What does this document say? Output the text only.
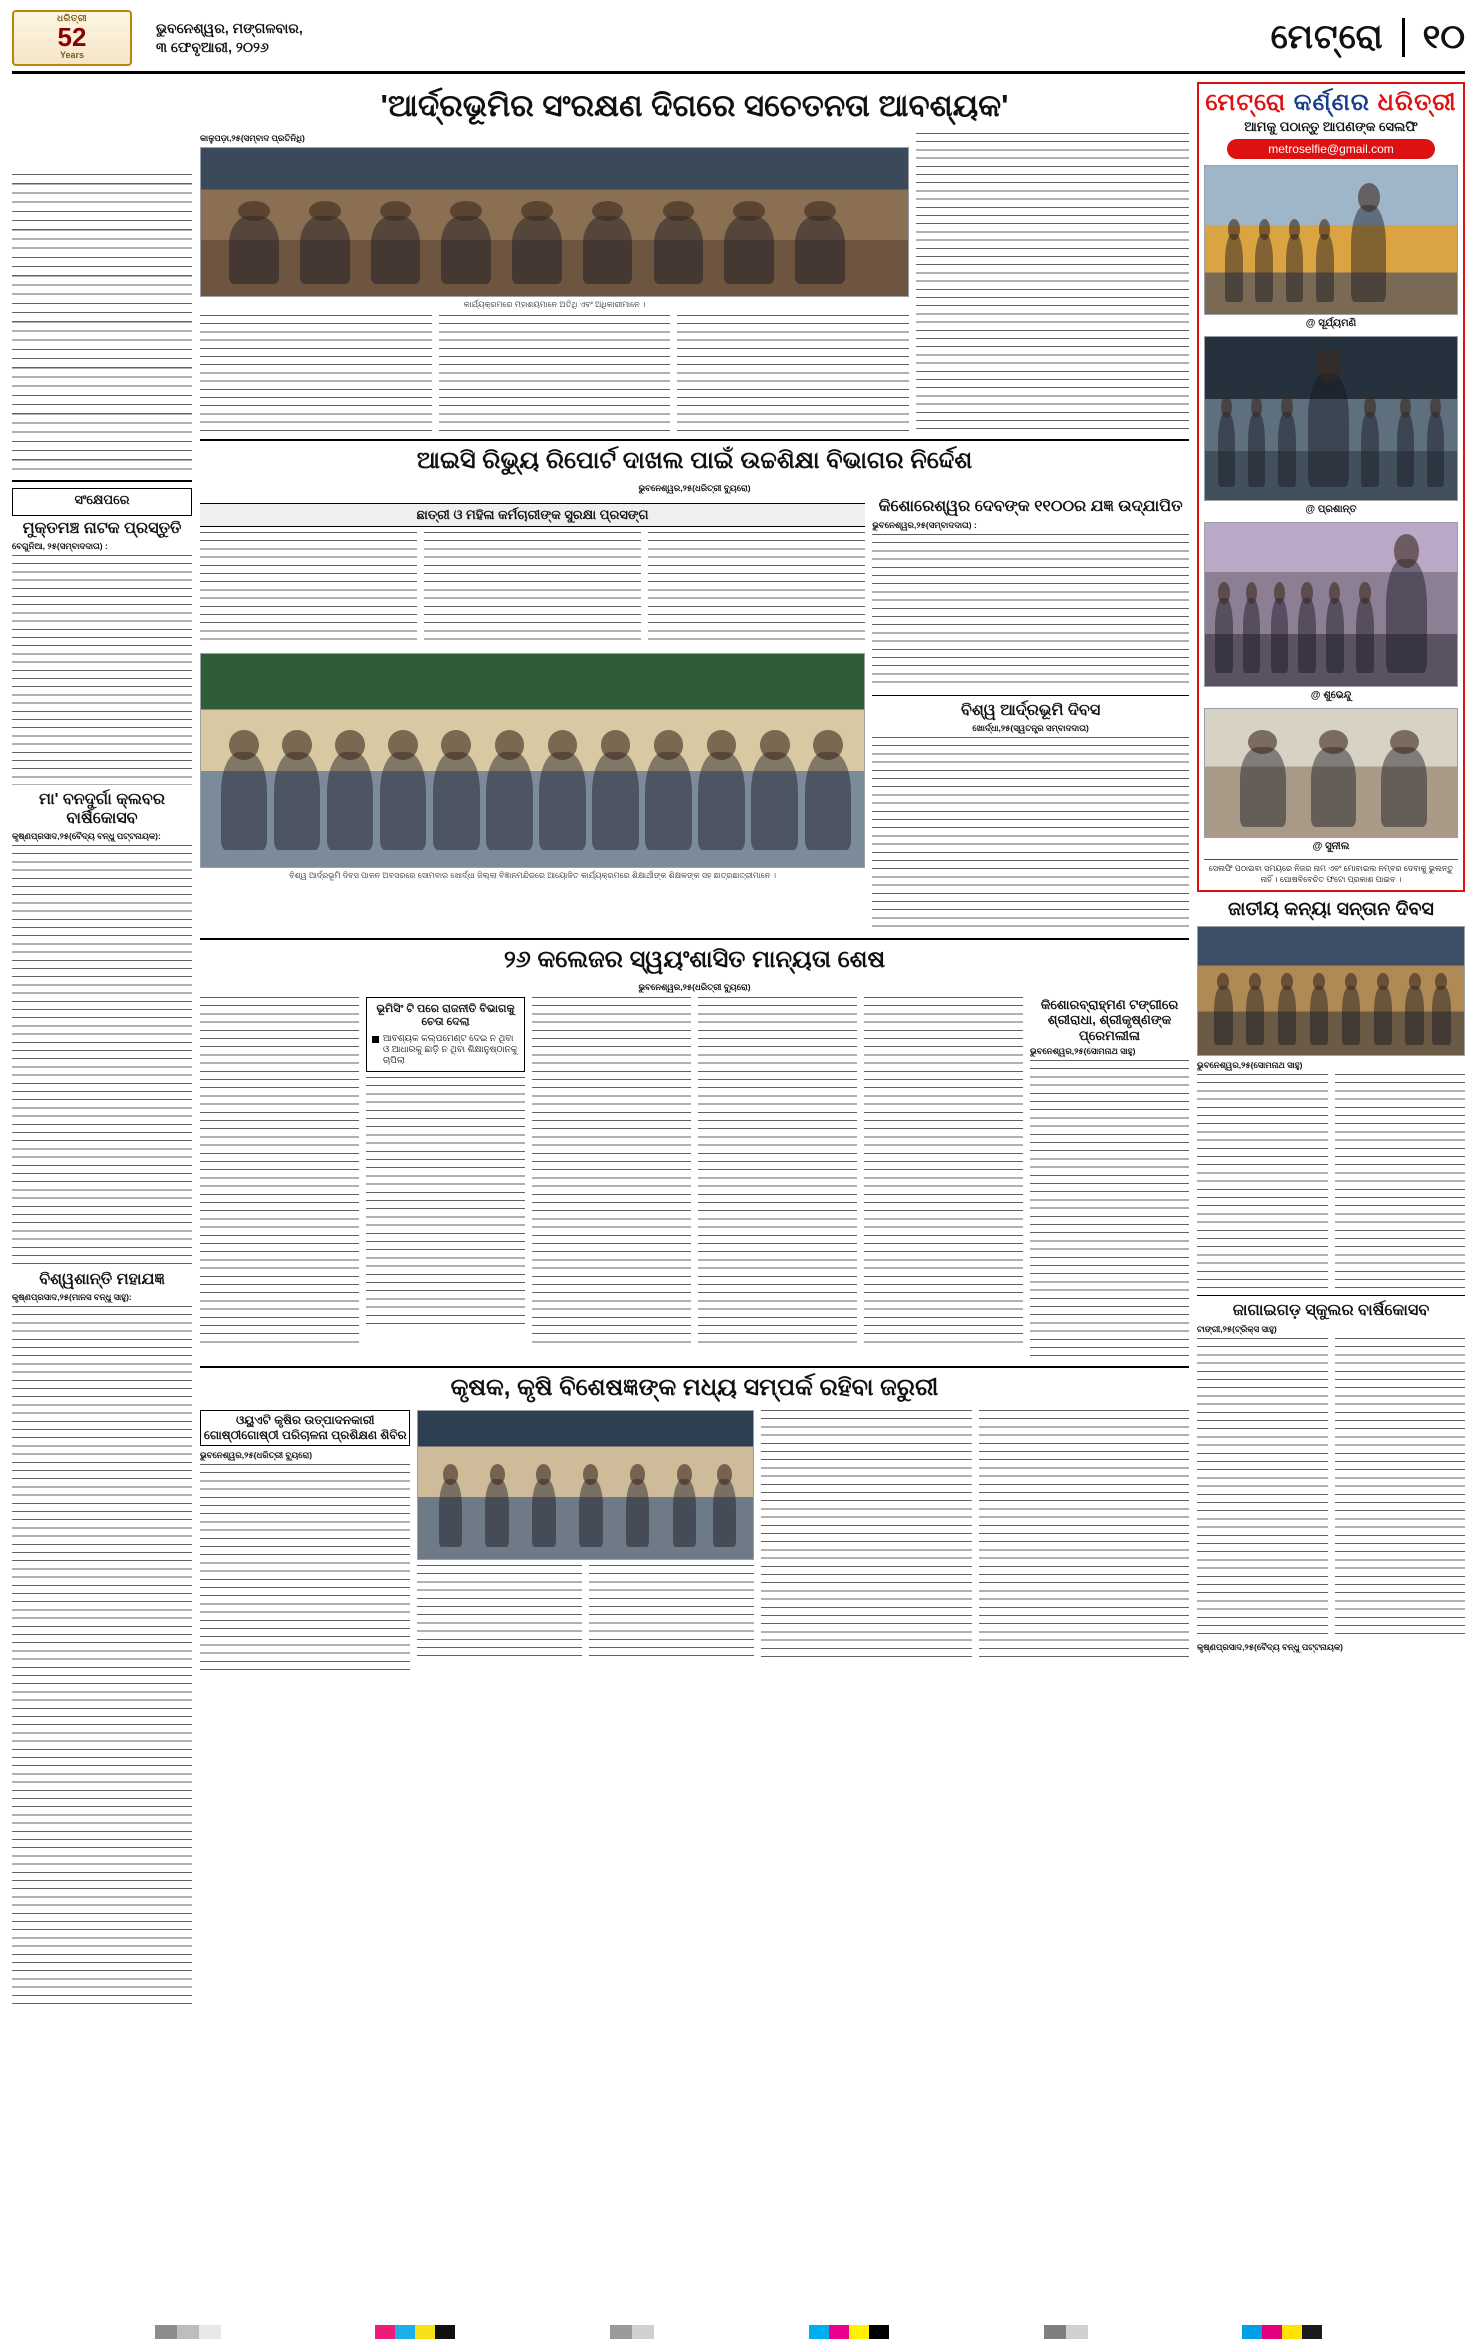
ଧରିତ୍ରୀ
52
Years
ଭୁବନେଶ୍ୱର, ମଙ୍ଗଳବାର,
୩ ଫେବୃଆରୀ, ୨୦୨୬	ମେଟ୍ରୋ	୧୦
ସଂକ୍ଷେପରେ
ମୁକ୍ତମଞ୍ଚ ନାଟକ ପ୍ରସ୍ତୁତି
ବେଗୁନିଆ, ୨୫(ସମ୍ବାଦଦାତା) :
ମା' ବନଦୁର୍ଗା କ୍ଲବର ବାର୍ଷିକୋସବ
କୃଷ୍ଣପ୍ରସାଦ,୨୫(ବୈଦ୍ୟ ବନ୍ଧୁ ପଟ୍ଟନାୟକ):
ବିଶ୍ୱଶାନ୍ତି ମହାଯଜ୍ଞ
କୃଷ୍ଣପ୍ରସାଦ,୨୫(ମାନସ ବନ୍ଧୁ ସାହୁ):
'ଆର୍ଦ୍ରଭୂମିର ସଂରକ୍ଷଣ ଦିଗରେ ସଚେତନତା ଆବଶ୍ୟକ'
କାଳୁପଡ଼ା,୨୫(ସମ୍ବାଦ ପ୍ରତିନିଧି)
କାର୍ଯ୍ୟକ୍ରମରେ ମହାଶୟମାନେ ଅତିଥି ଏବଂ ଅଧିକାରୀମାନେ ।
ଆଇସି ରିଭ୍ୟୁ ରିପୋର୍ଟ ଦାଖଲ ପାଇଁ ଉଚ୍ଚଶିକ୍ଷା ବିଭାଗର ନିର୍ଦ୍ଦେଶ
ଭୁବନେଶ୍ୱର,୨୫(ଧରିତ୍ରୀ ବ୍ୟୁରୋ)
ଛାତ୍ରୀ ଓ ମହିଳା କର୍ମଚାରୀଙ୍କ ସୁରକ୍ଷା ପ୍ରସଙ୍ଗ
ବିଶ୍ୱ ଆର୍ଦ୍ରଭୂମି ଦିବସ ପାଳନ ଅବସରରେ ସୋମବାର ଖୋର୍ଦ୍ଧା ଜିଲ୍ଲା ବିଜ୍ଞାନମନ୍ଦିରରେ ଆୟୋଜିତ କାର୍ଯ୍ୟକ୍ରମରେ ଶିକ୍ଷାର୍ଥୀଙ୍କ ଶିକ୍ଷକଙ୍କ ସହ ଛାତ୍ରଛାତ୍ରୀମାନେ ।
କିଶୋରେଶ୍ୱର ଦେବଙ୍କ ୧୧୦୦ର ଯଜ୍ଞ ଉଦ୍‌ଯାପିତ
ଭୁବନେଶ୍ୱର,୨୫(ସମ୍ବାଦଦାତା) :
ବିଶ୍ୱ ଆର୍ଦ୍ରଭୂମି ଦିବସ
ଖୋର୍ଦ୍ଧା,୨୫(ସ୍ୱତନ୍ତ୍ର ସମ୍ବାଦଦାତା)
୨୬ କଲେଜର ସ୍ୱୟଂଶାସିତ ମାନ୍ୟତା ଶେଷ
ଭୁବନେଶ୍ୱର,୨୫(ଧରିତ୍ରୀ ବ୍ୟୁରୋ)
ଭୂମିସିଂ ଟି ପରେ ରାଜନୀତି ବିଭାଗକୁ ଚେତା ଦେଲା
ଆବଶ୍ୟକ କଲ୍ପମେଣ୍ଟ ଦେଇ ନ ଥିବା ଓ ଆଧାରକୁ ଛାଡ଼ି ନ ଥିବା ଶିକ୍ଷାନୁଷ୍ଠାନକୁ ଚାପିଲା
କିଶୋରବ୍ରାହ୍ମଣ ଟଙ୍ଗୀରେ ଶ୍ରୀରାଧା, ଶ୍ରୀକୃଷ୍ଣଙ୍କ ପ୍ରେମଲୀଳା
ଭୁବନେଶ୍ୱର,୨୫(ସୋମନାଥ ସାହୁ)
କୃଷକ, କୃଷି ବିଶେଷଜ୍ଞଙ୍କ ମଧ୍ୟ ସମ୍ପର୍କ ରହିବା ଜରୁରୀ
ଓୟୁଏଟି କୃଷିର ଉତ୍ପାଦନକାରୀ ଗୋଷ୍ଠୀଗୋଷ୍ଠୀ ପରିଚାଳନା ପ୍ରଶିକ୍ଷଣ ଶିବିର
ଭୁବନେଶ୍ୱର,୨୫(ଧରିତ୍ରୀ ବ୍ୟୁରୋ)
ମେଟ୍ରୋ କର୍ଣ୍ଣର ଧରିତ୍ରୀ
ଆମକୁ ପଠାନ୍ତୁ ଆପଣଙ୍କ ସେଲଫି
metroselfie@gmail.com
@ ସୂର୍ଯ୍ୟମଣି
@ ପ୍ରଶାନ୍ତ
@ ଶୁଭେନ୍ଦୁ
@ ସୁନୀଲ
ସେଲଫି ପଠାଇବା ସମୟରେ ନିଜର ନାମ ଏବଂ ମୋବାଇଲ ନମ୍ବର ଦେବାକୁ ଭୁଲନ୍ତୁ ନାହିଁ । ଘୋଷବିବେଚିତ ଫଟୋ ପ୍ରକାଶ ପାଇବ ।
ଜାତୀୟ କନ୍ୟା ସନ୍ତାନ ଦିବସ
ଭୁବନେଶ୍ୱର,୨୫(ସୋମନାଥ ସାହୁ)
ଜାଗାଇଗଡ଼ ସ୍କୁଲର ବାର୍ଷିକୋସବ
ଟାଙ୍ଗୀ,୨୫(ଟ୍ରିକ୍ସ ସାହୁ)
କୃଷ୍ଣପ୍ରସାଦ,୨୫(ବୈଦ୍ୟ ବନ୍ଧୁ ପଟ୍ଟନାୟକ)
